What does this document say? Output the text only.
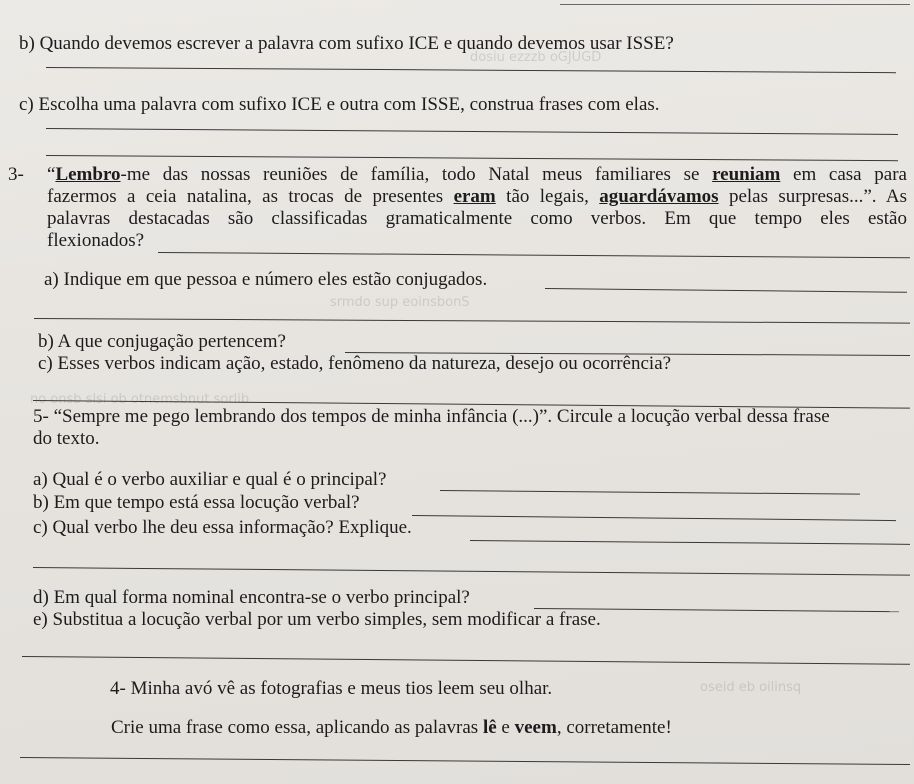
dosiu ezzzb oGJUGD
srmdo sup eoinsbonS
no onsb slsi ob otnemsbnut sorlib
oseid eb oilinsq
b) Quando devemos escrever a palavra com sufixo ICE e quando devemos usar ISSE?
c) Escolha uma palavra com sufixo ICE e outra com ISSE, construa frases com elas.
3- “Lembro-me das nossas reuniões de família, todo Natal meus familiares se reuniam em casa para
fazermos a ceia natalina, as trocas de presentes eram tão legais, aguardávamos pelas surpresas...”. As
palavras destacadas são classificadas gramaticalmente como verbos. Em que tempo eles estão
flexionados?
a) Indique em que pessoa e número eles estão conjugados.
b) A que conjugação pertencem?
c) Esses verbos indicam ação, estado, fenômeno da natureza, desejo ou ocorrência?
5- “Sempre me pego lembrando dos tempos de minha infância (...)”. Circule a locução verbal dessa frase
do texto.
a) Qual é o verbo auxiliar e qual é o principal?
b) Em que tempo está essa locução verbal?
c) Qual verbo lhe deu essa informação? Explique.
d) Em qual forma nominal encontra-se o verbo principal?
e) Substitua a locução verbal por um verbo simples, sem modificar a frase.
4- Minha avó vê as fotografias e meus tios leem seu olhar.
Crie uma frase como essa, aplicando as palavras lê e veem, corretamente!
